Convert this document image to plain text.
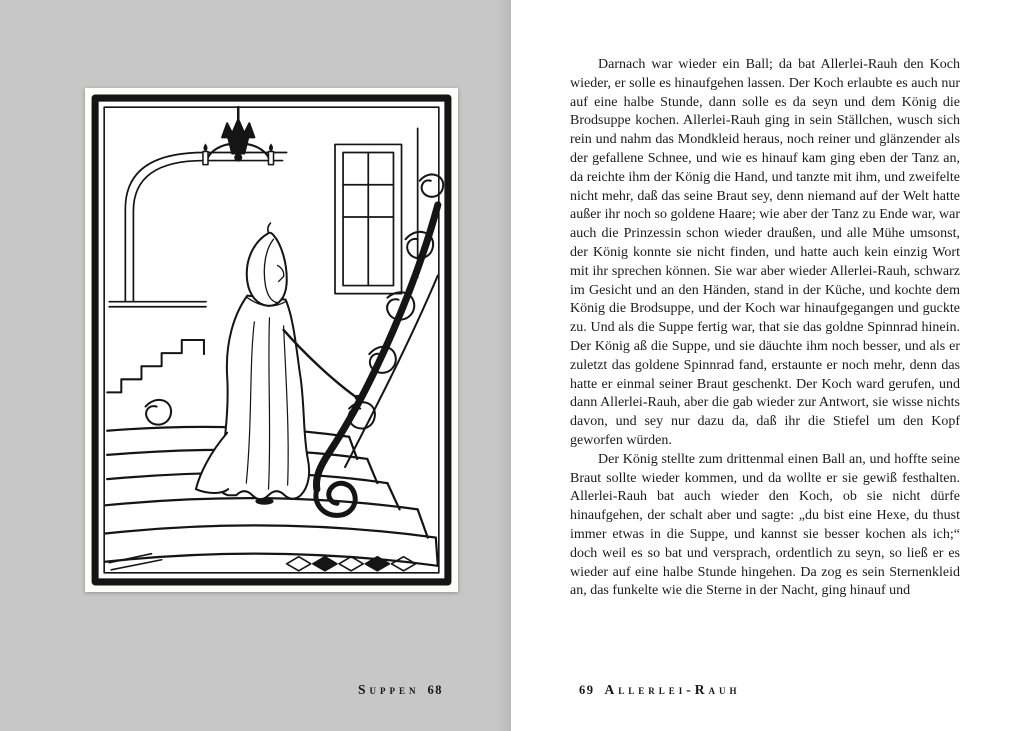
Suppen 68

Darnach war wieder ein Ball; da bat Allerlei-Rauh den Koch wieder, er solle es hinaufgehen lassen. Der Koch erlaubte es auch nur auf eine halbe Stunde, dann solle es da seyn und dem König die Brodsuppe kochen. Allerlei-Rauh ging in sein Ställchen, wusch sich rein und nahm das Mondkleid heraus, noch reiner und glänzender als der gefallene Schnee, und wie es hinauf kam ging eben der Tanz an, da reichte ihm der König die Hand, und tanzte mit ihm, und zweifelte nicht mehr, daß das seine Braut sey, denn niemand auf der Welt hatte außer ihr noch so goldene Haare; wie aber der Tanz zu Ende war, war auch die Prinzessin schon wieder draußen, und alle Mühe umsonst, der König konnte sie nicht finden, und hatte auch kein einzig Wort mit ihr sprechen können. Sie war aber wieder Allerlei-Rauh, schwarz im Gesicht und an den Händen, stand in der Küche, und kochte dem König die Brodsuppe, und der Koch war hinaufgegangen und guckte zu. Und als die Suppe fertig war, that sie das goldne Spinnrad hinein. Der König aß die Suppe, und sie däuchte ihm noch besser, und als er zuletzt das goldene Spinnrad fand, erstaunte er noch mehr, denn das hatte er einmal seiner Braut geschenkt. Der Koch ward gerufen, und dann Allerlei-Rauh, aber die gab wieder zur Antwort, sie wisse nichts davon, und sey nur dazu da, daß ihr die Stiefel um den Kopf geworfen würden.

Der König stellte zum drittenmal einen Ball an, und hoffte seine Braut sollte wieder kommen, und da wollte er sie gewiß festhalten. Allerlei-Rauh bat auch wieder den Koch, ob sie nicht dürfe hinaufgehen, der schalt aber und sagte: „du bist eine Hexe, du thust immer etwas in die Suppe, und kannst sie besser kochen als ich;“ doch weil es so bat und versprach, ordentlich zu seyn, so ließ er es wieder auf eine halbe Stunde hingehen. Da zog es sein Sternenkleid an, das funkelte wie die Sterne in der Nacht, ging hinauf und

69 Allerlei-Rauh
